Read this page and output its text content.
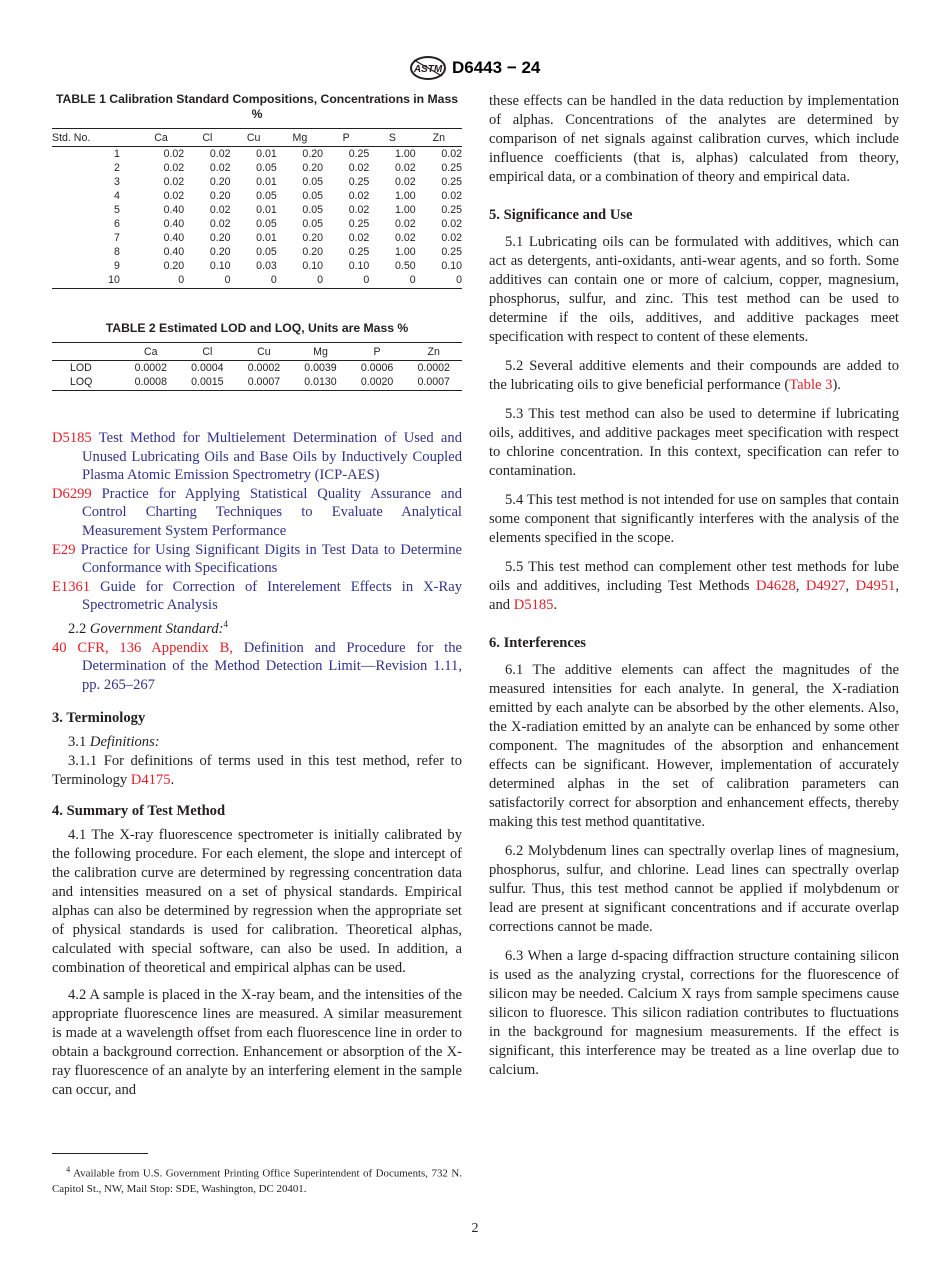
ASTM D6443 − 24
TABLE 1 Calibration Standard Compositions, Concentrations in Mass %
Std. No.	Ca	Cl	Cu	Mg	P	S	Zn
1	0.02	0.02	0.01	0.20	0.25	1.00	0.02
2	0.02	0.02	0.05	0.20	0.02	0.02	0.25
3	0.02	0.20	0.01	0.05	0.25	0.02	0.25
4	0.02	0.20	0.05	0.05	0.02	1.00	0.02
5	0.40	0.02	0.01	0.05	0.02	1.00	0.25
6	0.40	0.02	0.05	0.05	0.25	0.02	0.02
7	0.40	0.20	0.01	0.20	0.02	0.02	0.02
8	0.40	0.20	0.05	0.20	0.25	1.00	0.25
9	0.20	0.10	0.03	0.10	0.10	0.50	0.10
10	0	0	0	0	0	0	0
TABLE 2 Estimated LOD and LOQ, Units are Mass %
	Ca	Cl	Cu	Mg	P	Zn
LOD	0.0002	0.0004	0.0002	0.0039	0.0006	0.0002
LOQ	0.0008	0.0015	0.0007	0.0130	0.0020	0.0007

D5185 Test Method for Multielement Determination of Used and Unused Lubricating Oils and Base Oils by Inductively Coupled Plasma Atomic Emission Spectrometry (ICP-AES)

D6299 Practice for Applying Statistical Quality Assurance and Control Charting Techniques to Evaluate Analytical Measurement System Performance

E29 Practice for Using Significant Digits in Test Data to Determine Conformance with Specifications

E1361 Guide for Correction of Interelement Effects in X-Ray Spectrometric Analysis

2.2 Government Standard:$^4$

40 CFR, 136 Appendix B, Definition and Procedure for the Determination of the Method Detection Limit—Revision 1.11, pp. 265–267

3. Terminology

3.1 Definitions:

3.1.1 For definitions of terms used in this test method, refer to Terminology D4175.

4. Summary of Test Method

4.1 The X-ray fluorescence spectrometer is initially calibrated by the following procedure. For each element, the slope and intercept of the calibration curve are determined by regressing concentration data and intensities measured on a set of physical standards. Empirical alphas can also be determined by regression when the appropriate set of physical standards is used for calibration. Theoretical alphas, calculated with special software, can also be used. In addition, a combination of theoretical and empirical alphas can be used.

4.2 A sample is placed in the X-ray beam, and the intensities of the appropriate fluorescence lines are measured. A similar measurement is made at a wavelength offset from each fluorescence line in order to obtain a background correction. Enhancement or absorption of the X-ray fluorescence of an analyte by an interfering element in the sample can occur, and

$^4$ Available from U.S. Government Printing Office Superintendent of Documents, 732 N. Capitol St., NW, Mail Stop: SDE, Washington, DC 20401.

these effects can be handled in the data reduction by implementation of alphas. Concentrations of the analytes are determined by comparison of net signals against calibration curves, which include influence coefficients (that is, alphas) calculated from theory, empirical data, or a combination of theory and empirical data.

5. Significance and Use

5.1 Lubricating oils can be formulated with additives, which can act as detergents, anti-oxidants, anti-wear agents, and so forth. Some additives can contain one or more of calcium, copper, magnesium, phosphorus, sulfur, and zinc. This test method can be used to determine if the oils, additives, and additive packages meet specification with respect to content of these elements.

5.2 Several additive elements and their compounds are added to the lubricating oils to give beneficial performance (Table 3).

5.3 This test method can also be used to determine if lubricating oils, additives, and additive packages meet specification with respect to chlorine concentration. In this context, specification can refer to contamination.

5.4 This test method is not intended for use on samples that contain some component that significantly interferes with the analysis of the elements specified in the scope.

5.5 This test method can complement other test methods for lube oils and additives, including Test Methods D4628, D4927, D4951, and D5185.

6. Interferences

6.1 The additive elements can affect the magnitudes of the measured intensities for each analyte. In general, the X-radiation emitted by each analyte can be absorbed by the other elements. Also, the X-radiation emitted by an analyte can be enhanced by some other component. The magnitudes of the absorption and enhancement effects can be significant. However, implementation of accurately determined alphas in the set of calibration parameters can satisfactorily correct for absorption and enhancement effects, thereby making this test method quantitative.

6.2 Molybdenum lines can spectrally overlap lines of magnesium, phosphorus, sulfur, and chlorine. Lead lines can spectrally overlap sulfur. Thus, this test method cannot be applied if molybdenum or lead are present at significant concentrations and if accurate overlap corrections cannot be made.

6.3 When a large d-spacing diffraction structure containing silicon is used as the analyzing crystal, corrections for the fluorescence of silicon may be needed. Calcium X rays from sample specimens cause silicon to fluoresce. This silicon radiation contributes to fluctuations in the background for magnesium measurements. If the effect is significant, this interference may be treated as a line overlap due to calcium.

2
